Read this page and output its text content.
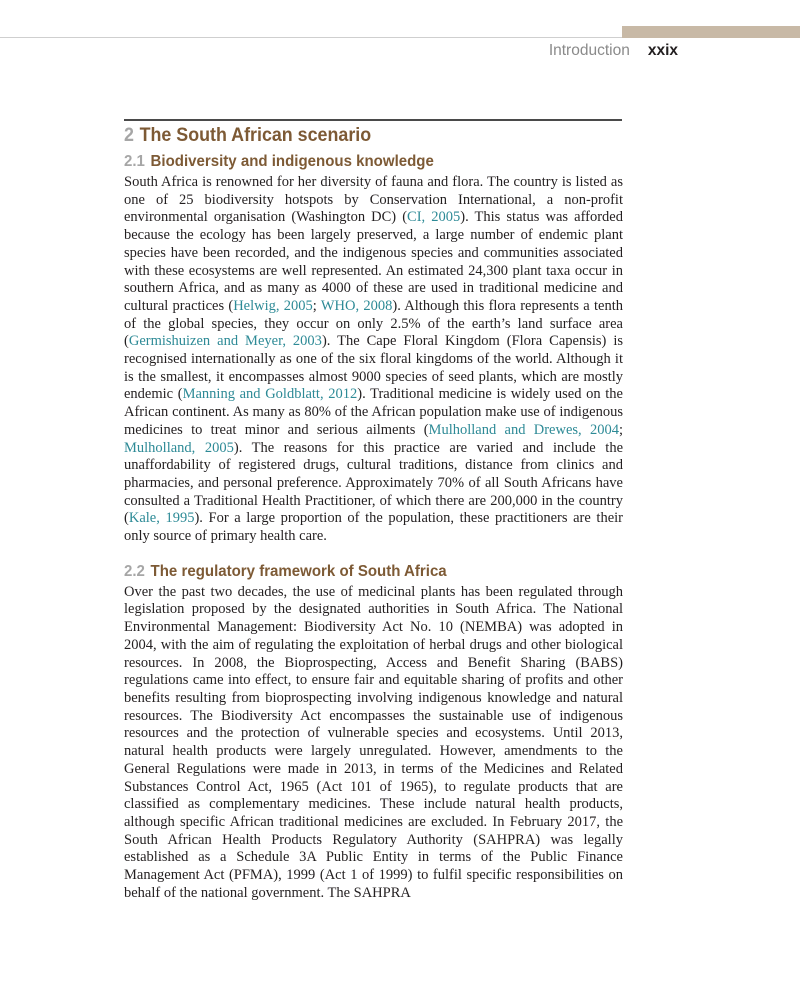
Introduction xxix
2 The South African scenario
2.1 Biodiversity and indigenous knowledge

South Africa is renowned for her diversity of fauna and flora. The country is listed as one of 25 biodiversity hotspots by Conservation International, a non-profit environmental organisation (Washington DC) (CI, 2005). This status was afforded because the ecology has been largely preserved, a large number of endemic plant species have been recorded, and the indigenous species and communities associated with these ecosystems are well represented. An estimated 24,300 plant taxa occur in southern Africa, and as many as 4000 of these are used in traditional medicine and cultural practices (Helwig, 2005; WHO, 2008). Although this flora represents a tenth of the global species, they occur on only 2.5% of the earth’s land surface area (Germishuizen and Meyer, 2003). The Cape Floral Kingdom (Flora Capensis) is recognised internationally as one of the six floral kingdoms of the world. Although it is the smallest, it encompasses almost 9000 species of seed plants, which are mostly endemic (Manning and Goldblatt, 2012). Traditional medicine is widely used on the African continent. As many as 80% of the African population make use of indigenous medicines to treat minor and serious ailments (Mulholland and Drewes, 2004; Mulholland, 2005). The reasons for this practice are varied and include the unaffordability of registered drugs, cultural traditions, distance from clinics and pharmacies, and personal preference. Approximately 70% of all South Africans have consulted a Traditional Health Practitioner, of which there are 200,000 in the country (Kale, 1995). For a large proportion of the population, these practitioners are their only source of primary health care.

2.2 The regulatory framework of South Africa

Over the past two decades, the use of medicinal plants has been regulated through legislation proposed by the designated authorities in South Africa. The National Environmental Management: Biodiversity Act No. 10 (NEMBA) was adopted in 2004, with the aim of regulating the exploitation of herbal drugs and other biological resources. In 2008, the Bioprospecting, Access and Benefit Sharing (BABS) regulations came into effect, to ensure fair and equitable sharing of profits and other benefits resulting from bioprospecting involving indigenous knowledge and natural resources. The Biodiversity Act encompasses the sustainable use of indigenous resources and the protection of vulnerable species and ecosystems. Until 2013, natural health products were largely unregulated. However, amendments to the General Regulations were made in 2013, in terms of the Medicines and Related Substances Control Act, 1965 (Act 101 of 1965), to regulate products that are classified as complementary medicines. These include natural health products, although specific African traditional medicines are excluded. In February 2017, the South African Health Products Regulatory Authority (SAHPRA) was legally established as a Schedule 3A Public Entity in terms of the Public Finance Management Act (PFMA), 1999 (Act 1 of 1999) to fulfil specific responsibilities on behalf of the national government. The SAHPRA
